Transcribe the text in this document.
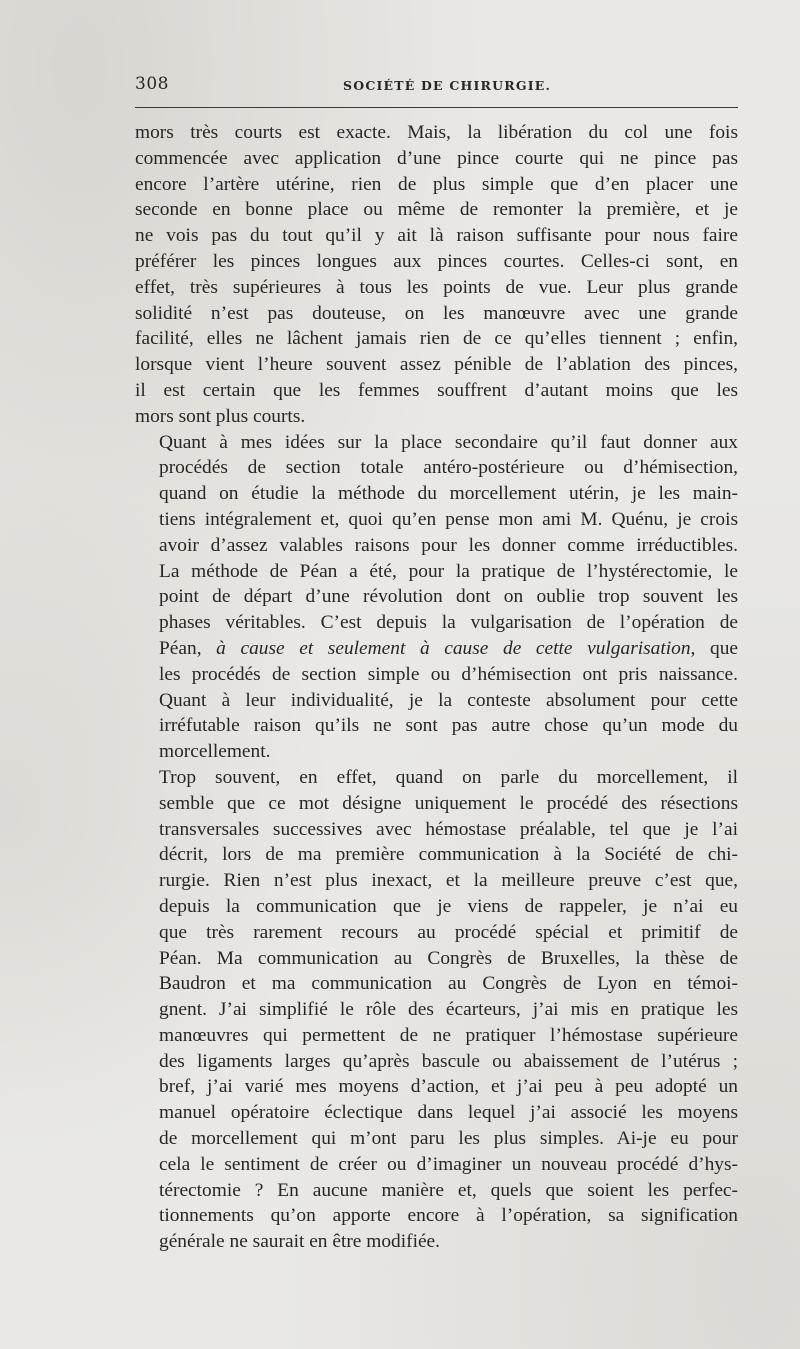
308	SOCIÉTÉ DE CHIRURGIE.
mors très courts est exacte. Mais, la libération du col une fois
commencée avec application d’une pince courte qui ne pince pas
encore l’artère utérine, rien de plus simple que d’en placer une
seconde en bonne place ou même de remonter la première, et je
ne vois pas du tout qu’il y ait là raison suffisante pour nous faire
préférer les pinces longues aux pinces courtes. Celles-ci sont, en
effet, très supérieures à tous les points de vue. Leur plus grande
solidité n’est pas douteuse, on les manœuvre avec une grande
facilité, elles ne lâchent jamais rien de ce qu’elles tiennent ; enfin,
lorsque vient l’heure souvent assez pénible de l’ablation des pinces,
il est certain que les femmes souffrent d’autant moins que les
mors sont plus courts.
Quant à mes idées sur la place secondaire qu’il faut donner aux
procédés de section totale antéro-postérieure ou d’hémisection,
quand on étudie la méthode du morcellement utérin, je les main-
tiens intégralement et, quoi qu’en pense mon ami M. Quénu, je crois
avoir d’assez valables raisons pour les donner comme irréductibles.
La méthode de Péan a été, pour la pratique de l’hystérectomie, le
point de départ d’une révolution dont on oublie trop souvent les
phases véritables. C’est depuis la vulgarisation de l’opération de
Péan, à cause et seulement à cause de cette vulgarisation, que
les procédés de section simple ou d’hémisection ont pris naissance.
Quant à leur individualité, je la conteste absolument pour cette
irréfutable raison qu’ils ne sont pas autre chose qu’un mode du
morcellement.
Trop souvent, en effet, quand on parle du morcellement, il
semble que ce mot désigne uniquement le procédé des résections
transversales successives avec hémostase préalable, tel que je l’ai
décrit, lors de ma première communication à la Société de chi-
rurgie. Rien n’est plus inexact, et la meilleure preuve c’est que,
depuis la communication que je viens de rappeler, je n’ai eu
que très rarement recours au procédé spécial et primitif de
Péan. Ma communication au Congrès de Bruxelles, la thèse de
Baudron et ma communication au Congrès de Lyon en témoi-
gnent. J’ai simplifié le rôle des écarteurs, j’ai mis en pratique les
manœuvres qui permettent de ne pratiquer l’hémostase supérieure
des ligaments larges qu’après bascule ou abaissement de l’utérus ;
bref, j’ai varié mes moyens d’action, et j’ai peu à peu adopté un
manuel opératoire éclectique dans lequel j’ai associé les moyens
de morcellement qui m’ont paru les plus simples. Ai-je eu pour
cela le sentiment de créer ou d’imaginer un nouveau procédé d’hys-
térectomie ? En aucune manière et, quels que soient les perfec-
tionnements qu’on apporte encore à l’opération, sa signification
générale ne saurait en être modifiée.
